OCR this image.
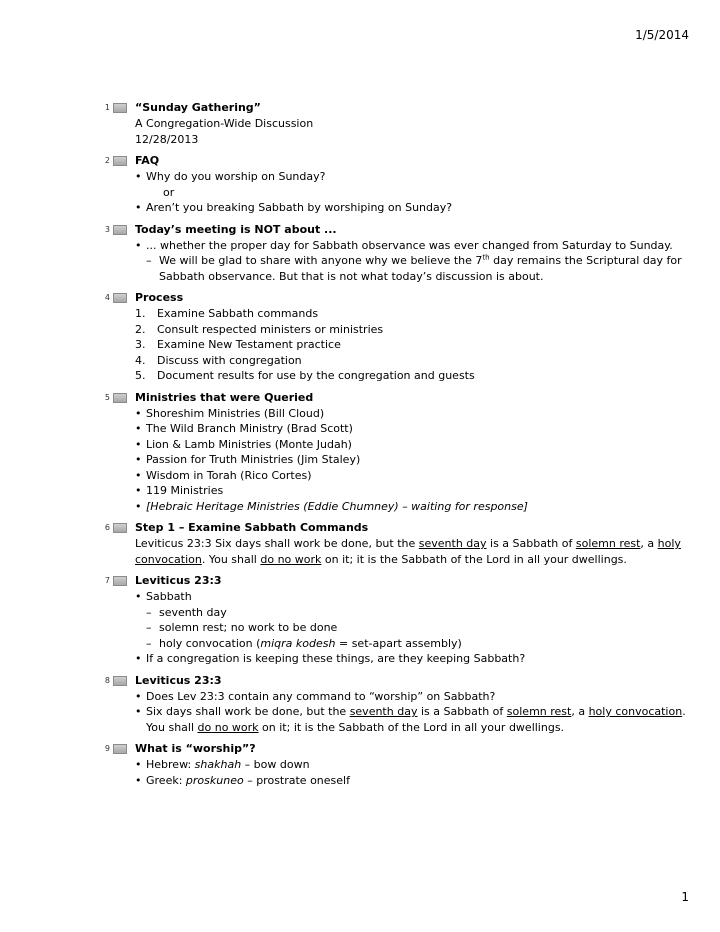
1/5/2014
1 “Sunday Gathering”
A Congregation-Wide Discussion
12/28/2013
2 FAQ
• Why do you worship on Sunday?
or
• Aren’t you breaking Sabbath by worshiping on Sunday?
3 Today’s meeting is NOT about ...
• ... whether the proper day for Sabbath observance was ever changed from Saturday to Sunday.
– We will be glad to share with anyone why we believe the 7th day remains the Scriptural day for Sabbath observance. But that is not what today’s discussion is about.
4 Process
1. Examine Sabbath commands
2. Consult respected ministers or ministries
3. Examine New Testament practice
4. Discuss with congregation
5. Document results for use by the congregation and guests
5 Ministries that were Queried
• Shoreshim Ministries (Bill Cloud)
• The Wild Branch Ministry (Brad Scott)
• Lion & Lamb Ministries (Monte Judah)
• Passion for Truth Ministries (Jim Staley)
• Wisdom in Torah (Rico Cortes)
• 119 Ministries
• [Hebraic Heritage Ministries (Eddie Chumney) – waiting for response]
6 Step 1 – Examine Sabbath Commands
Leviticus 23:3 Six days shall work be done, but the seventh day is a Sabbath of solemn rest, a holy convocation. You shall do no work on it; it is the Sabbath of the Lord in all your dwellings.
7 Leviticus 23:3
• Sabbath
– seventh day
– solemn rest; no work to be done
– holy convocation (miqra kodesh = set-apart assembly)
• If a congregation is keeping these things, are they keeping Sabbath?
8 Leviticus 23:3
• Does Lev 23:3 contain any command to “worship” on Sabbath?
• Six days shall work be done, but the seventh day is a Sabbath of solemn rest, a holy convocation. You shall do no work on it; it is the Sabbath of the Lord in all your dwellings.
9 What is “worship”?
• Hebrew: shakhah – bow down
• Greek: proskuneo – prostrate oneself
1
